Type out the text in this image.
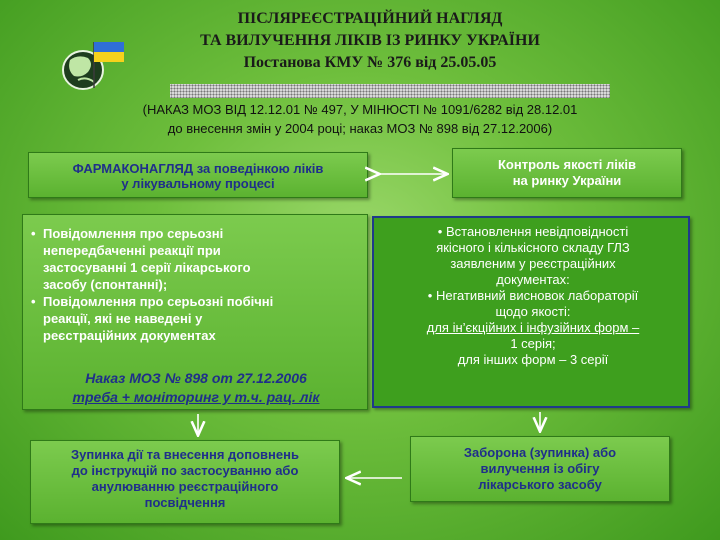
ПІСЛЯРЕЄСТРАЦІЙНИЙ НАГЛЯД
ТА ВИЛУЧЕННЯ ЛІКІВ ІЗ РИНКУ УКРАЇНИ
Постанова КМУ № 376 від 25.05.05
(НАКАЗ МОЗ ВІД 12.12.01 № 497, У МІНЮСТІ № 1091/6282 від 28.12.01
до внесення змін у 2004 році; наказ МОЗ № 898 від 27.12.2006)
ФАРМАКОНАГЛЯД за поведінкою ліків
у лікувальному процесі
Контроль якості ліків
на ринку України
• Повідомлення про серьозні
непередбаченні реакції при
застосуванні 1 серії лікарського
засобу (спонтанні);
• Повідомлення про серьозні побічні
реакції, які не наведені у
реєстраційних документах
Наказ МОЗ № 898 от 27.12.2006
треба + моніторинг у т.ч. рац. лік
• Встановлення невідповідності
якісного і кількісного складу ГЛЗ
заявленим у реєстраційних
документах:
• Негативний висновок лабораторії
щодо якості:
для ін’єкційних і інфузійних форм –
1 серія;
для інших форм – 3 серії
Зупинка дії та внесення доповнень
до інструкцій по застосуванню або
анулюванню реєстраційного
посвідчення
Заборона (зупинка) або
вилучення із обігу
лікарського засобу
